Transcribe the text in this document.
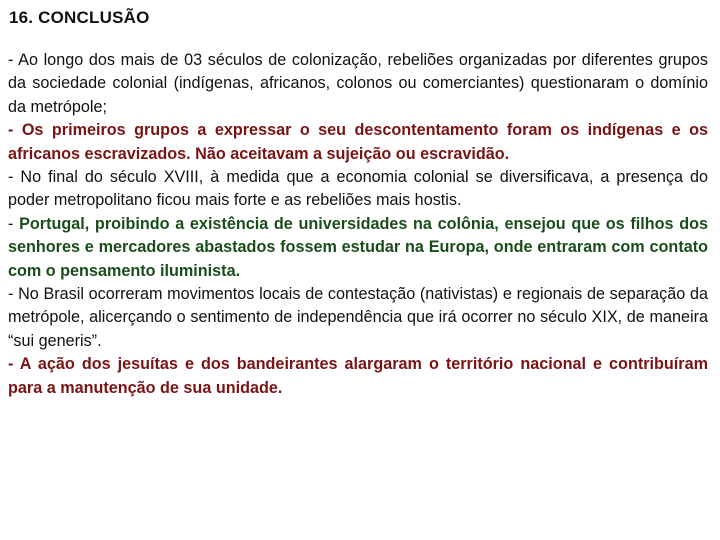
16. CONCLUSÃO

- Ao longo dos mais de 03 séculos de colonização, rebeliões organizadas por diferentes grupos da sociedade colonial (indígenas, africanos, colonos ou comerciantes) questionaram o domínio da metrópole;

- Os primeiros grupos a expressar o seu descontentamento foram os indígenas e os africanos escravizados. Não aceitavam a sujeição ou escravidão.

- No final do século XVIII, à medida que a economia colonial se diversificava, a presença do poder metropolitano ficou mais forte e as rebeliões mais hostis.

- Portugal, proibindo a existência de universidades na colônia, ensejou que os filhos dos senhores e mercadores abastados fossem estudar na Europa, onde entraram com contato com o pensamento iluminista.

- No Brasil ocorreram movimentos locais de contestação (nativistas) e regionais de separação da metrópole, alicerçando o sentimento de independência que irá ocorrer no século XIX, de maneira “sui generis”.

- A ação dos jesuítas e dos bandeirantes alargaram o território nacional e contribuíram para a manutenção de sua unidade.
